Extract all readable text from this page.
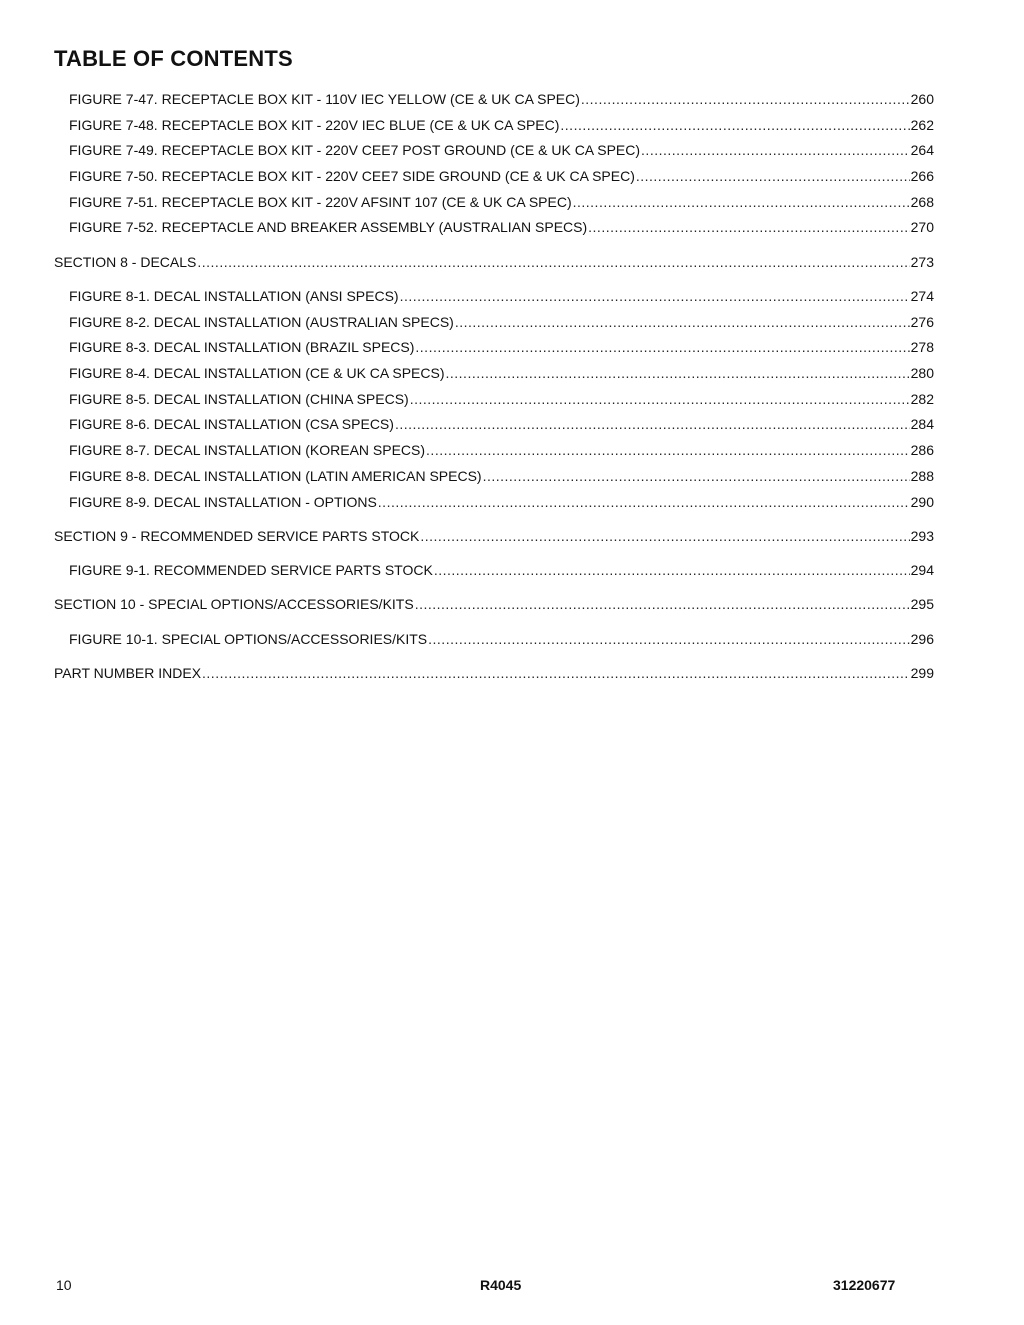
TABLE OF CONTENTS
FIGURE 7-47. RECEPTACLE BOX KIT - 110V IEC YELLOW (CE & UK CA SPEC) .....	260
FIGURE 7-48. RECEPTACLE BOX KIT - 220V IEC BLUE (CE & UK CA SPEC) .....	262
FIGURE 7-49. RECEPTACLE BOX KIT - 220V CEE7 POST GROUND (CE & UK CA SPEC) .....	264
FIGURE 7-50. RECEPTACLE BOX KIT - 220V CEE7 SIDE GROUND (CE & UK CA SPEC) .....	266
FIGURE 7-51. RECEPTACLE BOX KIT - 220V AFSINT 107 (CE & UK CA SPEC) .....	268
FIGURE 7-52. RECEPTACLE AND BREAKER ASSEMBLY (AUSTRALIAN SPECS) .....	270
SECTION 8 - DECALS .....	273
FIGURE 8-1. DECAL INSTALLATION (ANSI SPECS) .....	274
FIGURE 8-2. DECAL INSTALLATION (AUSTRALIAN SPECS) .....	276
FIGURE 8-3. DECAL INSTALLATION (BRAZIL SPECS) .....	278
FIGURE 8-4. DECAL INSTALLATION (CE & UK CA SPECS) .....	280
FIGURE 8-5. DECAL INSTALLATION (CHINA SPECS) .....	282
FIGURE 8-6. DECAL INSTALLATION (CSA SPECS) .....	284
FIGURE 8-7. DECAL INSTALLATION (KOREAN SPECS) .....	286
FIGURE 8-8. DECAL INSTALLATION (LATIN AMERICAN SPECS) .....	288
FIGURE 8-9. DECAL INSTALLATION - OPTIONS .....	290
SECTION 9 - RECOMMENDED SERVICE PARTS STOCK .....	293
FIGURE 9-1. RECOMMENDED SERVICE PARTS STOCK .....	294
SECTION 10 - SPECIAL OPTIONS/ACCESSORIES/KITS .....	295
FIGURE 10-1. SPECIAL OPTIONS/ACCESSORIES/KITS .....	296
PART NUMBER INDEX .....	299
10	R4045	31220677
